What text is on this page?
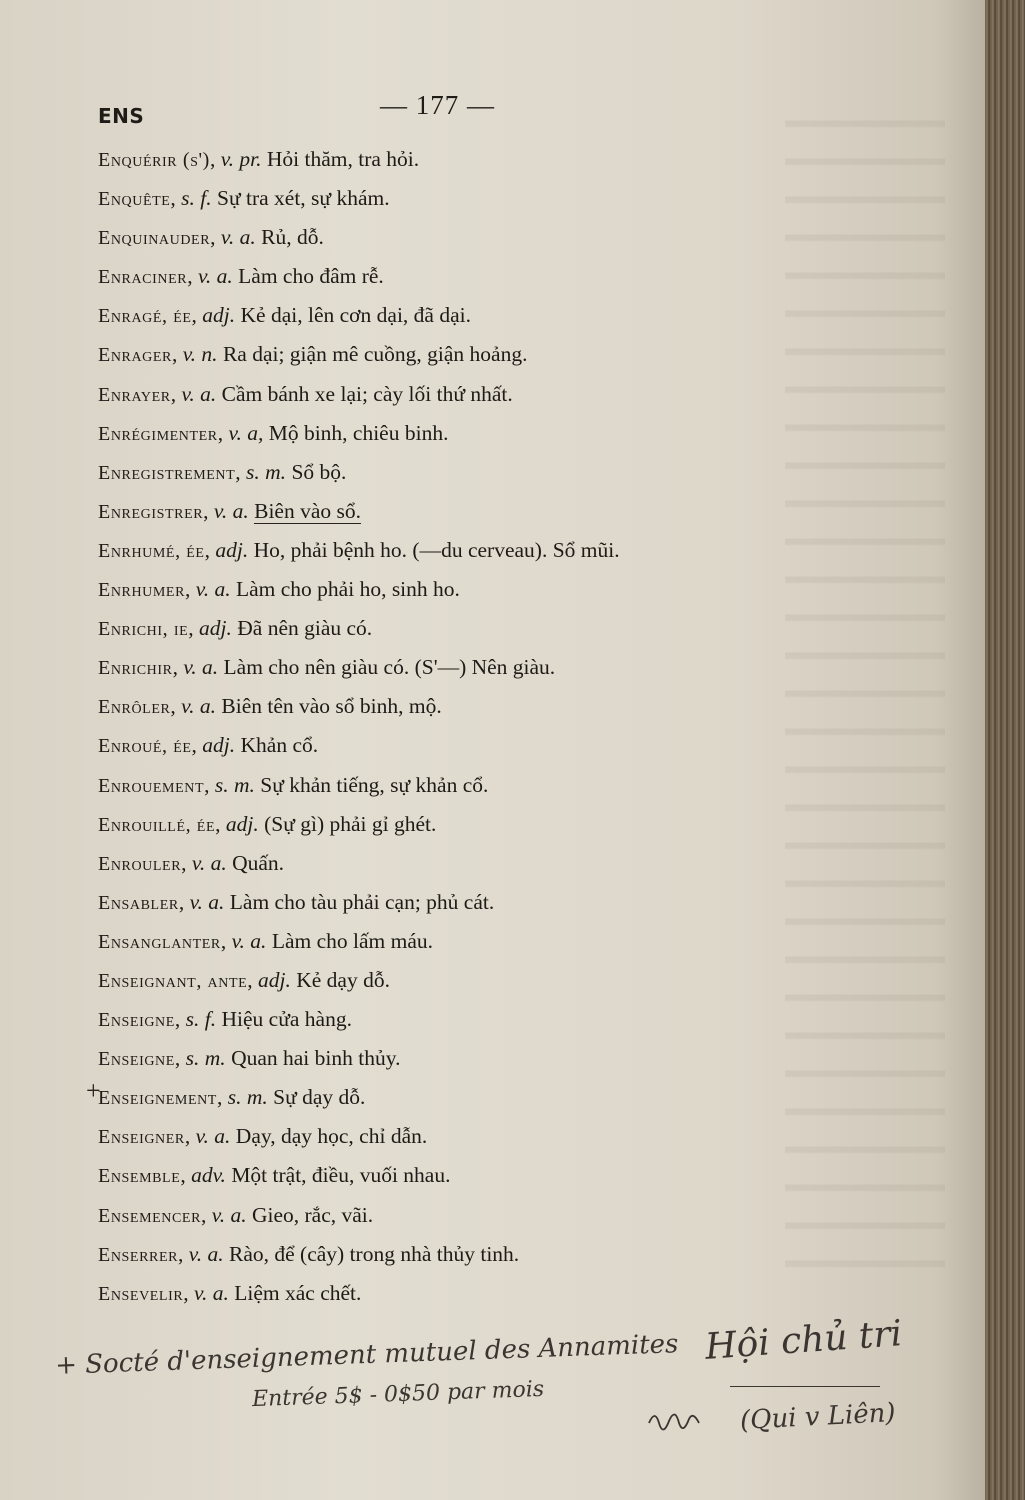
ENS	— 177 —
Enquérir (s'), v. pr. Hỏi thăm, tra hỏi.
Enquête, s. f. Sự tra xét, sự khám.
Enquinauder, v. a. Rủ, dỗ.
Enraciner, v. a. Làm cho đâm rễ.
Enragé, ée, adj. Kẻ dại, lên cơn dại, đã dại.
Enrager, v. n. Ra dại; giận mê cuồng, giận hoảng.
Enrayer, v. a. Cầm bánh xe lại; cày lối thứ nhất.
Enrégimenter, v. a, Mộ binh, chiêu binh.
Enregistrement, s. m. Sổ bộ.
Enregistrer, v. a. Biên vào sổ.
Enrhumé, ée, adj. Ho, phải bệnh ho. (—du cerveau). Sổ mũi.
Enrhumer, v. a. Làm cho phải ho, sinh ho.
Enrichi, ie, adj. Đã nên giàu có.
Enrichir, v. a. Làm cho nên giàu có. (S'—) Nên giàu.
Enrôler, v. a. Biên tên vào sổ binh, mộ.
Enroué, ée, adj. Khản cổ.
Enrouement, s. m. Sự khản tiếng, sự khản cổ.
Enrouillé, ée, adj. (Sự gì) phải gỉ ghét.
Enrouler, v. a. Quấn.
Ensabler, v. a. Làm cho tàu phải cạn; phủ cát.
Ensanglanter, v. a. Làm cho lấm máu.
Enseignant, ante, adj. Kẻ dạy dỗ.
Enseigne, s. f. Hiệu cửa hàng.
Enseigne, s. m. Quan hai binh thủy.
Enseignement, s. m. Sự dạy dỗ.
Enseigner, v. a. Dạy, dạy học, chỉ dẫn.
Ensemble, adv. Một trật, điều, vuối nhau.
Ensemencer, v. a. Gieo, rắc, vãi.
Enserrer, v. a. Rào, để (cây) trong nhà thủy tinh.
Ensevelir, v. a. Liệm xác chết.
+
+ Socté d'enseignement mutuel des Annamites Hội chủ tri
Entrée 5$ - 0$50 par mois
(Qui v Liên)
